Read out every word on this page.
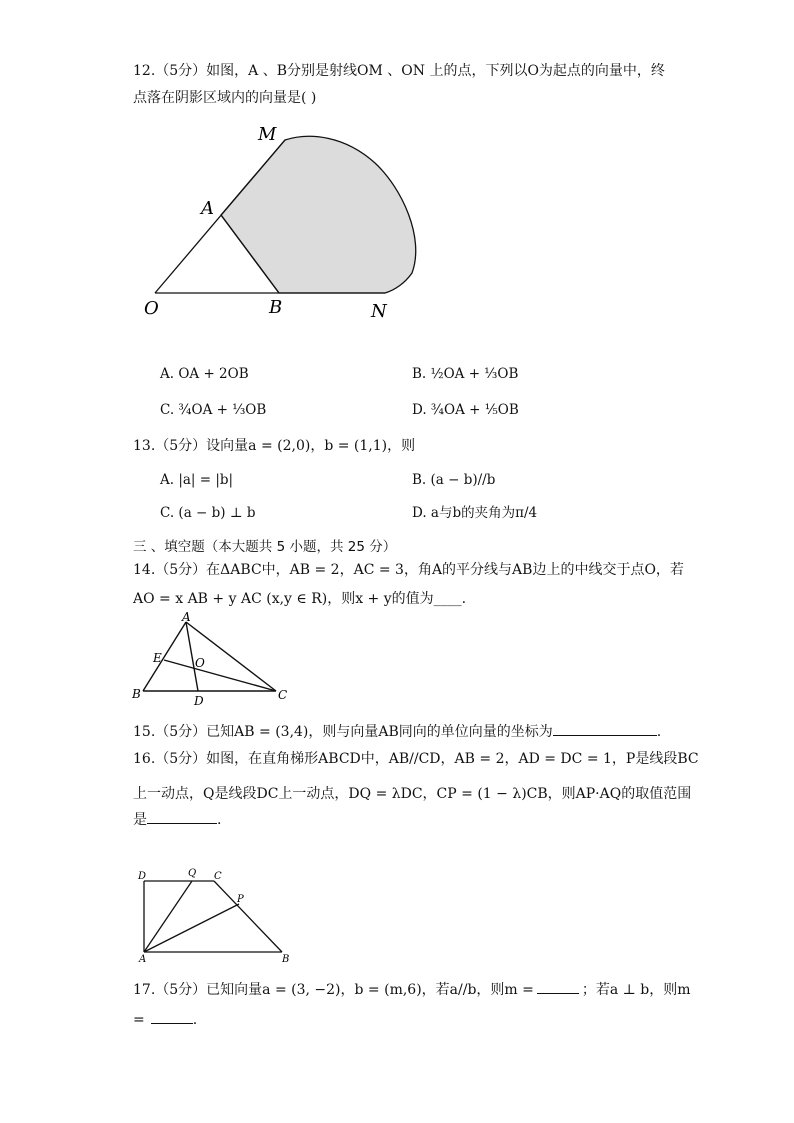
12.（5分）如图，A 、B分别是射线OM 、ON 上的点，下列以O为起点的向量中，终
点落在阴影区域内的向量是( )
M
A
O	B	N
A. OA + 2OB	B. ½OA + ⅓OB
C. ¾OA + ⅓OB	D. ¾OA + ⅕OB
13.（5分）设向量a = (2,0)，b = (1,1)，则
A. |a| = |b|	B. (a − b)//b
C. (a − b) ⊥ b	D. a与b的夹角为π/4
三 、填空题（本大题共 5 小题，共 25 分）
14.（5分）在ΔABC中，AB = 2，AC = 3，角A的平分线与AB边上的中线交于点O，若
AO = x AB + y AC (x,y ∈ R)，则x + y的值为____.
A
E	O
B	D	C
15.（5分）已知AB = (3,4)，则与向量AB同向的单位向量的坐标为	.
16.（5分）如图，在直角梯形ABCD中，AB//CD，AB = 2，AD = DC = 1，P是线段BC
上一动点，Q是线段DC上一动点，DQ = λDC，CP = (1 − λ)CB，则AP·AQ的取值范围
是	.
D	Q C
P
A	B
17.（5分）已知向量a = (3, −2)，b = (m,6)，若a//b，则m =	；若a ⊥ b，则m
=	.
